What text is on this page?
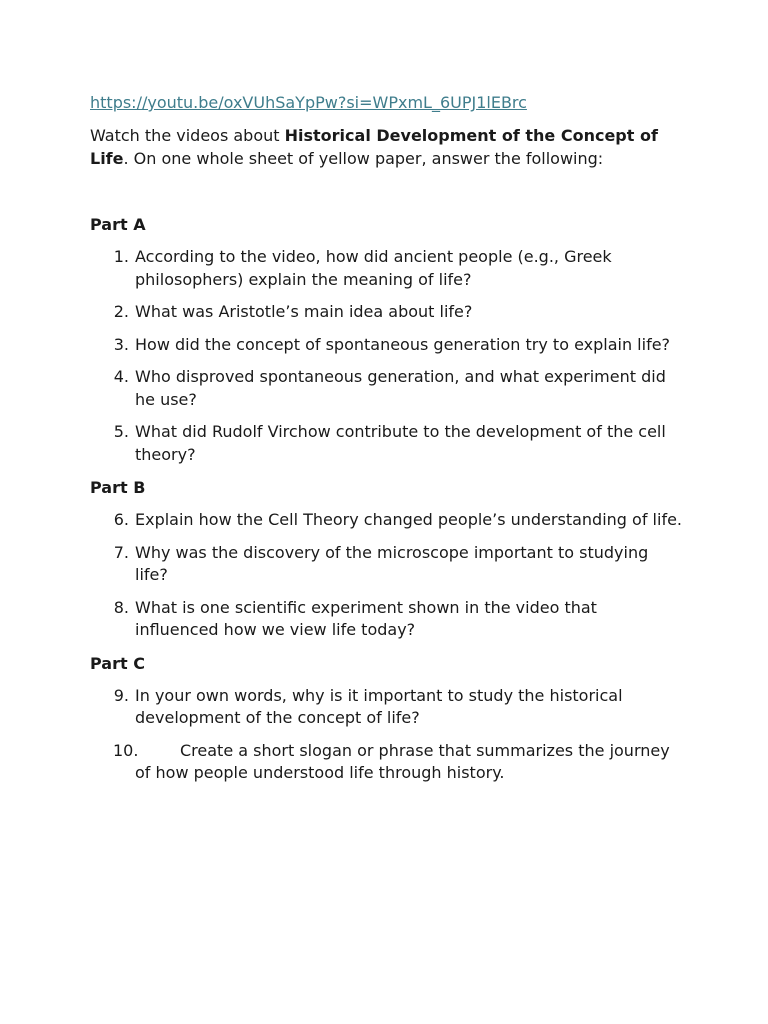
https://youtu.be/oxVUhSaYpPw?si=WPxmL_6UPJ1lEBrc

Watch the videos about Historical Development of the Concept of Life. On one whole sheet of yellow paper, answer the following:

Part A

1. According to the video, how did ancient people (e.g., Greek philosophers) explain the meaning of life?
2. What was Aristotle’s main idea about life?
3. How did the concept of spontaneous generation try to explain life?
4. Who disproved spontaneous generation, and what experiment did he use?
5. What did Rudolf Virchow contribute to the development of the cell theory?

Part B

6. Explain how the Cell Theory changed people’s understanding of life.
7. Why was the discovery of the microscope important to studying life?
8. What is one scientific experiment shown in the video that influenced how we view life today?

Part C

9. In your own words, why is it important to study the historical development of the concept of life?
10.	Create a short slogan or phrase that summarizes the journey of how people understood life through history.
